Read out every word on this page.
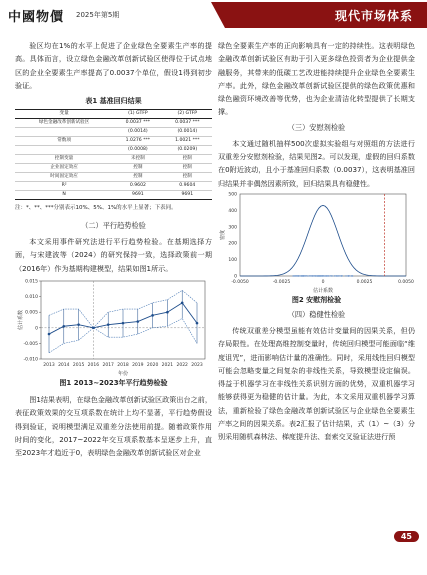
中國物價 2025年第5期	现代市场体系

验区均在1%的水平上促进了企业绿色全要素生产率的提高。具体而言，设立绿色金融改革创新试验区使得位于试点地区的企业全要素生产率提高了0.0037个单位，假设1得到初步验证。

表1 基准回归结果
变量	(1) GTFP	(2) GTFP
绿色金融改革创新试验区	0.0037 ***	0.0037 ***
	(0.0014)	(0.0014)
常数项	1.0276 ***	1.0021 ***
	(0.0008)	(0.0209)
控制变量	未控制	控制
企业固定效应	控制	控制
时间固定效应	控制	控制
R²	0.9602	0.9604
N	9691	9691

注：*、**、***分别表示10%、5%、1%的水平上显著；下表同。

（二）平行趋势检验

本文采用事件研究法进行平行趋势检验。在基期选择方面，与宋建波等（2024）的研究保持一致，选择政策前一期（2016年）作为基期构建模型，结果如图1所示。

0.015
0.010
0.005
0
-0.005
-0.010
2013 2014 2015 2016 2017 2018 2019 2020 2021 2022 2023
估计系数
年份
图1 2013~2023年平行趋势检验

图1结果表明，在绿色金融改革创新试验区政策出台之前，表征政策效果的交互项系数在统计上均不显著，平行趋势假设得到验证，说明模型满足双重差分法使用前提。随着政策作用时间的变化，2017~2022年交互项系数基本呈逐步上升，直至2023年才趋近于0，表明绿色金融改革创新试验区对企业

绿色全要素生产率的正向影响具有一定的持续性。这表明绿色金融改革创新试验区有助于引入更多绿色投资者为企业提供金融服务，其带来的低碳工艺改进能持续提升企业绿色全要素生产率。此外，绿色金融改革创新试验区提供的绿色政策优惠和绿色融资环境改善等优势，也为企业清洁化转型提供了长期支撑。

（三）安慰剂检验

本文通过随机抽样500次虚拟实验组与对照组的方法进行双重差分安慰剂检验，结果见图2。可以发现，虚假的回归系数在0附近波动，且小于基准回归系数（0.0037），这表明基准回归结果并非偶然因素所致，回归结果具有稳健性。

-0.0050	-0.0025	0	0.0025	0.0050
0
100
200
300
400
500
估计系数
密度
图2 安慰剂检验
（四）稳健性检验

传统双重差分模型虽能有效估计变量间的因果关系，但仍存局限性。在处理高维控制变量时，传统回归模型可能面临“维度诅咒”，进而影响估计量的准确性。同时，采用线性回归模型可能会忽略变量之间复杂的非线性关系，导致模型设定偏误。得益于机器学习在非线性关系识别方面的优势，双重机器学习能够获得更为稳健的估计量。为此，本文采用双重机器学习算法，重新检验了绿色金融改革创新试验区与企业绿色全要素生产率之间的因果关系。表2汇报了估计结果，式（1）~（3）分别采用随机森林法、梯度提升法、套索交叉验证法进行预

45
